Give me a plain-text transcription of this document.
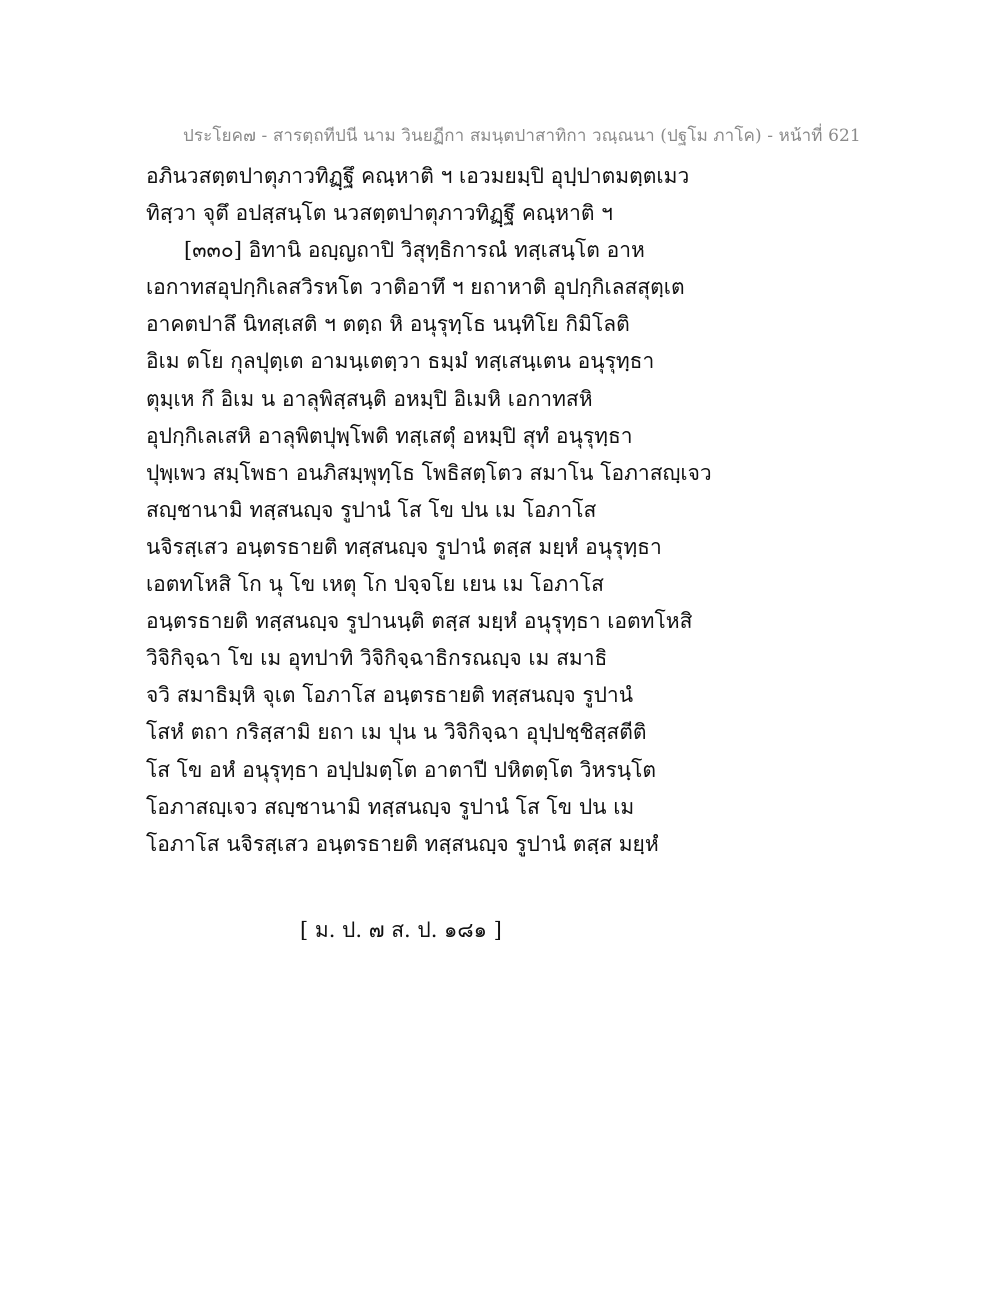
ประโยค๗ - สารตฺถทีปนี นาม วินยฏีกา สมนฺตปาสาทิกา วณฺณนา (ปฐโม ภาโค) - หน้าที่ 621
อภินวสตฺตปาตุภาวทิฏฺฐึ คณฺหาติ ฯ เอวมยมฺปิ อุปฺปาตมตฺตเมว
ทิสฺวา จุตึ อปสฺสนฺโต นวสตฺตปาตุภาวทิฏฺฐึ คณฺหาติ ฯ
[๓๓๐] อิทานิ อญฺญถาปิ วิสุทฺธิการณํ ทสฺเสนฺโต อาห
เอกาทสอุปกฺกิเลสวิรหโต วาติอาทึ ฯ ยถาหาติ อุปกฺกิเลสสุตฺเต
อาคตปาลึ นิทสฺเสติ ฯ ตตฺถ หิ อนุรุทฺโธ นนฺทิโย กิมิโลติ
อิเม ตโย กุลปุตฺเต อามนฺเตตฺวา ธมฺมํ ทสฺเสนฺเตน อนุรุทฺธา
ตุมฺเห กึ อิเม น อาลุพิสฺสนฺติ อหมฺปิ อิเมหิ เอกาทสหิ
อุปกฺกิเลเสหิ อาลุพิตปุพฺโพติ ทสฺเสตุํ อหมฺปิ สุทํ อนุรุทฺธา
ปุพฺเพว สมฺโพธา อนภิสมฺพุทฺโธ โพธิสตฺโตว สมาโน โอภาสญฺเจว
สญฺชานามิ ทสฺสนญฺจ รูปานํ โส โข ปน เม โอภาโส
นจิรสฺเสว อนฺตรธายติ ทสฺสนญฺจ รูปานํ ตสฺส มยฺหํ อนุรุทฺธา
เอตทโหสิ โก นุ โข เหตุ โก ปจฺจโย เยน เม โอภาโส
อนฺตรธายติ ทสฺสนญฺจ รูปานนฺติ ตสฺส มยฺหํ อนุรุทฺธา เอตทโหสิ
วิจิกิจฺฉา โข เม อุทปาทิ วิจิกิจฺฉาธิกรณญฺจ เม สมาธิ
จวิ สมาธิมฺหิ จุเต โอภาโส อนฺตรธายติ ทสฺสนญฺจ รูปานํ
โสหํ ตถา กริสฺสามิ ยถา เม ปุน น วิจิกิจฺฉา อุปฺปชฺชิสฺสตีติ
โส โข อหํ อนุรุทฺธา อปฺปมตฺโต อาตาปี ปหิตตฺโต วิหรนฺโต
โอภาสญฺเจว สญฺชานามิ ทสฺสนญฺจ รูปานํ โส โข ปน เม
โอภาโส นจิรสฺเสว อนฺตรธายติ ทสฺสนญฺจ รูปานํ ตสฺส มยฺหํ
[ ม. ป. ๗ ส. ป. ๑๘๑ ]
